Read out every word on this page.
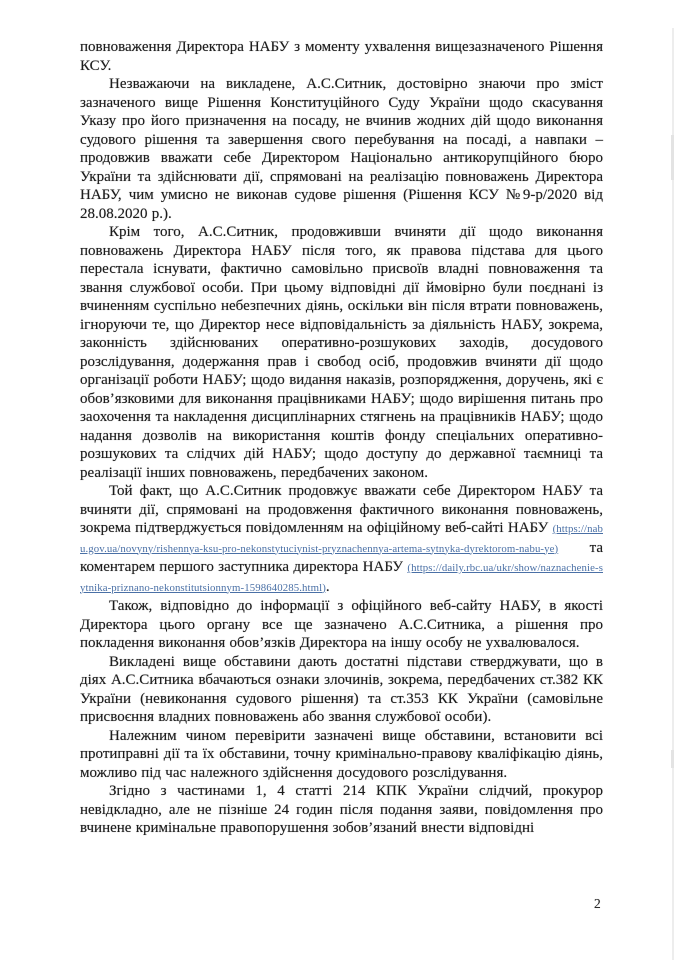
повноваження Директора НАБУ з моменту ухвалення вищезазначеного Рішення КСУ.

Незважаючи на викладене, А.С.Ситник, достовірно знаючи про зміст зазначеного вище Рішення Конституційного Суду України щодо скасування Указу про його призначення на посаду, не вчинив жодних дій щодо виконання судового рішення та завершення свого перебування на посаді, а навпаки – продовжив вважати себе Директором Національно антикорупційного бюро України та здійснювати дії, спрямовані на реалізацію повноважень Директора НАБУ, чим умисно не виконав судове рішення (Рішення КСУ №9-р/2020 від 28.08.2020 р.).

Крім того, А.С.Ситник, продовживши вчиняти дії щодо виконання повноважень Директора НАБУ після того, як правова підстава для цього перестала існувати, фактично самовільно присвоїв владні повноваження та звання службової особи. При цьому відповідні дії ймовірно були поєднані із вчиненням суспільно небезпечних діянь, оскільки він після втрати повноважень, ігноруючи те, що Директор несе відповідальність за діяльність НАБУ, зокрема, законність здійснюваних оперативно-розшукових заходів, досудового розслідування, додержання прав і свобод осіб, продовжив вчиняти дії щодо організації роботи НАБУ; щодо видання наказів, розпорядження, доручень, які є обов’язковими для виконання працівниками НАБУ; щодо вирішення питань про заохочення та накладення дисциплінарних стягнень на працівників НАБУ; щодо надання дозволів на використання коштів фонду спеціальних оперативно-розшукових та слідчих дій НАБУ; щодо доступу до державної таємниці та реалізації інших повноважень, передбачених законом.

Той факт, що А.С.Ситник продовжує вважати себе Директором НАБУ та вчиняти дії, спрямовані на продовження фактичного виконання повноважень, зокрема підтверджується повідомленням на офіційному веб-сайті НАБУ (https://nabu.gov.ua/novyny/rishennya-ksu-pro-nekonstytuciynist-pryznachennya-artema-sytnyka-dyrektorom-nabu-ye) та коментарем першого заступника директора НАБУ (https://daily.rbc.ua/ukr/show/naznachenie-sytnika-priznano-nekonstitutsionnym-1598640285.html).

Також, відповідно до інформації з офіційного веб-сайту НАБУ, в якості Директора цього органу все ще зазначено А.С.Ситника, а рішення про покладення виконання обов’язків Директора на іншу особу не ухвалювалося.

Викладені вище обставини дають достатні підстави стверджувати, що в діях А.С.Ситника вбачаються ознаки злочинів, зокрема, передбачених ст.382 КК України (невиконання судового рішення) та ст.353 КК України (самовільне присвоєння владних повноважень або звання службової особи).

Належним чином перевірити зазначені вище обставини, встановити всі протиправні дії та їх обставини, точну кримінально-правову кваліфікацію діянь, можливо під час належного здійснення досудового розслідування.

Згідно з частинами 1, 4 статті 214 КПК України слідчий, прокурор невідкладно, але не пізніше 24 годин після подання заяви, повідомлення про вчинене кримінальне правопорушення зобов’язаний внести відповідні

2
